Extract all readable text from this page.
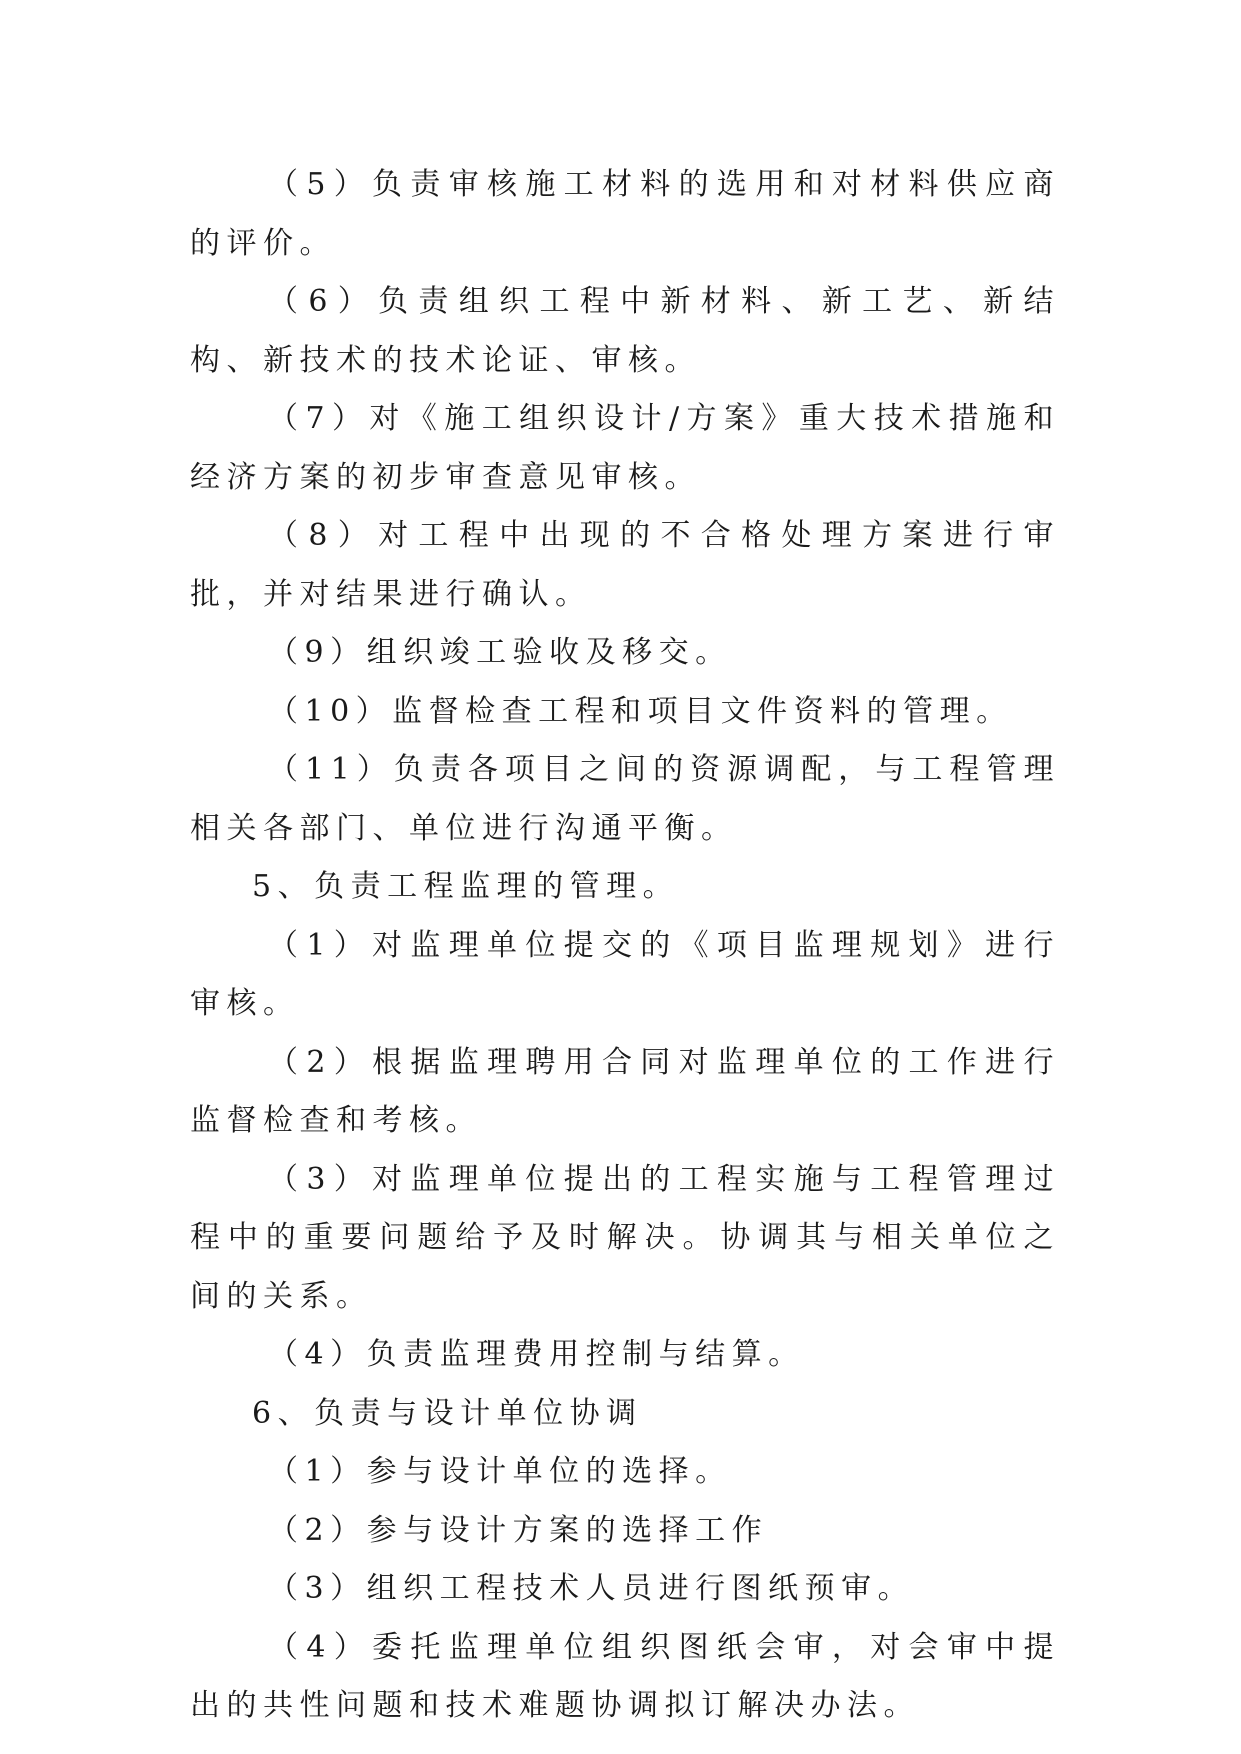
（5）负责审核施工材料的选用和对材料供应商的评价。

（6）负责组织工程中新材料、新工艺、新结构、新技术的技术论证、审核。

（7）对《施工组织设计/方案》重大技术措施和经济方案的初步审查意见审核。

（8）对工程中出现的不合格处理方案进行审批，并对结果进行确认。

（9）组织竣工验收及移交。

（10）监督检查工程和项目文件资料的管理。

（11）负责各项目之间的资源调配，与工程管理相关各部门、单位进行沟通平衡。

5、负责工程监理的管理。

（1）对监理单位提交的《项目监理规划》进行审核。

（2）根据监理聘用合同对监理单位的工作进行监督检查和考核。

（3）对监理单位提出的工程实施与工程管理过程中的重要问题给予及时解决。协调其与相关单位之间的关系。

（4）负责监理费用控制与结算。

6、负责与设计单位协调

（1）参与设计单位的选择。

（2）参与设计方案的选择工作

（3）组织工程技术人员进行图纸预审。

（4）委托监理单位组织图纸会审，对会审中提出的共性问题和技术难题协调拟订解决办法。
